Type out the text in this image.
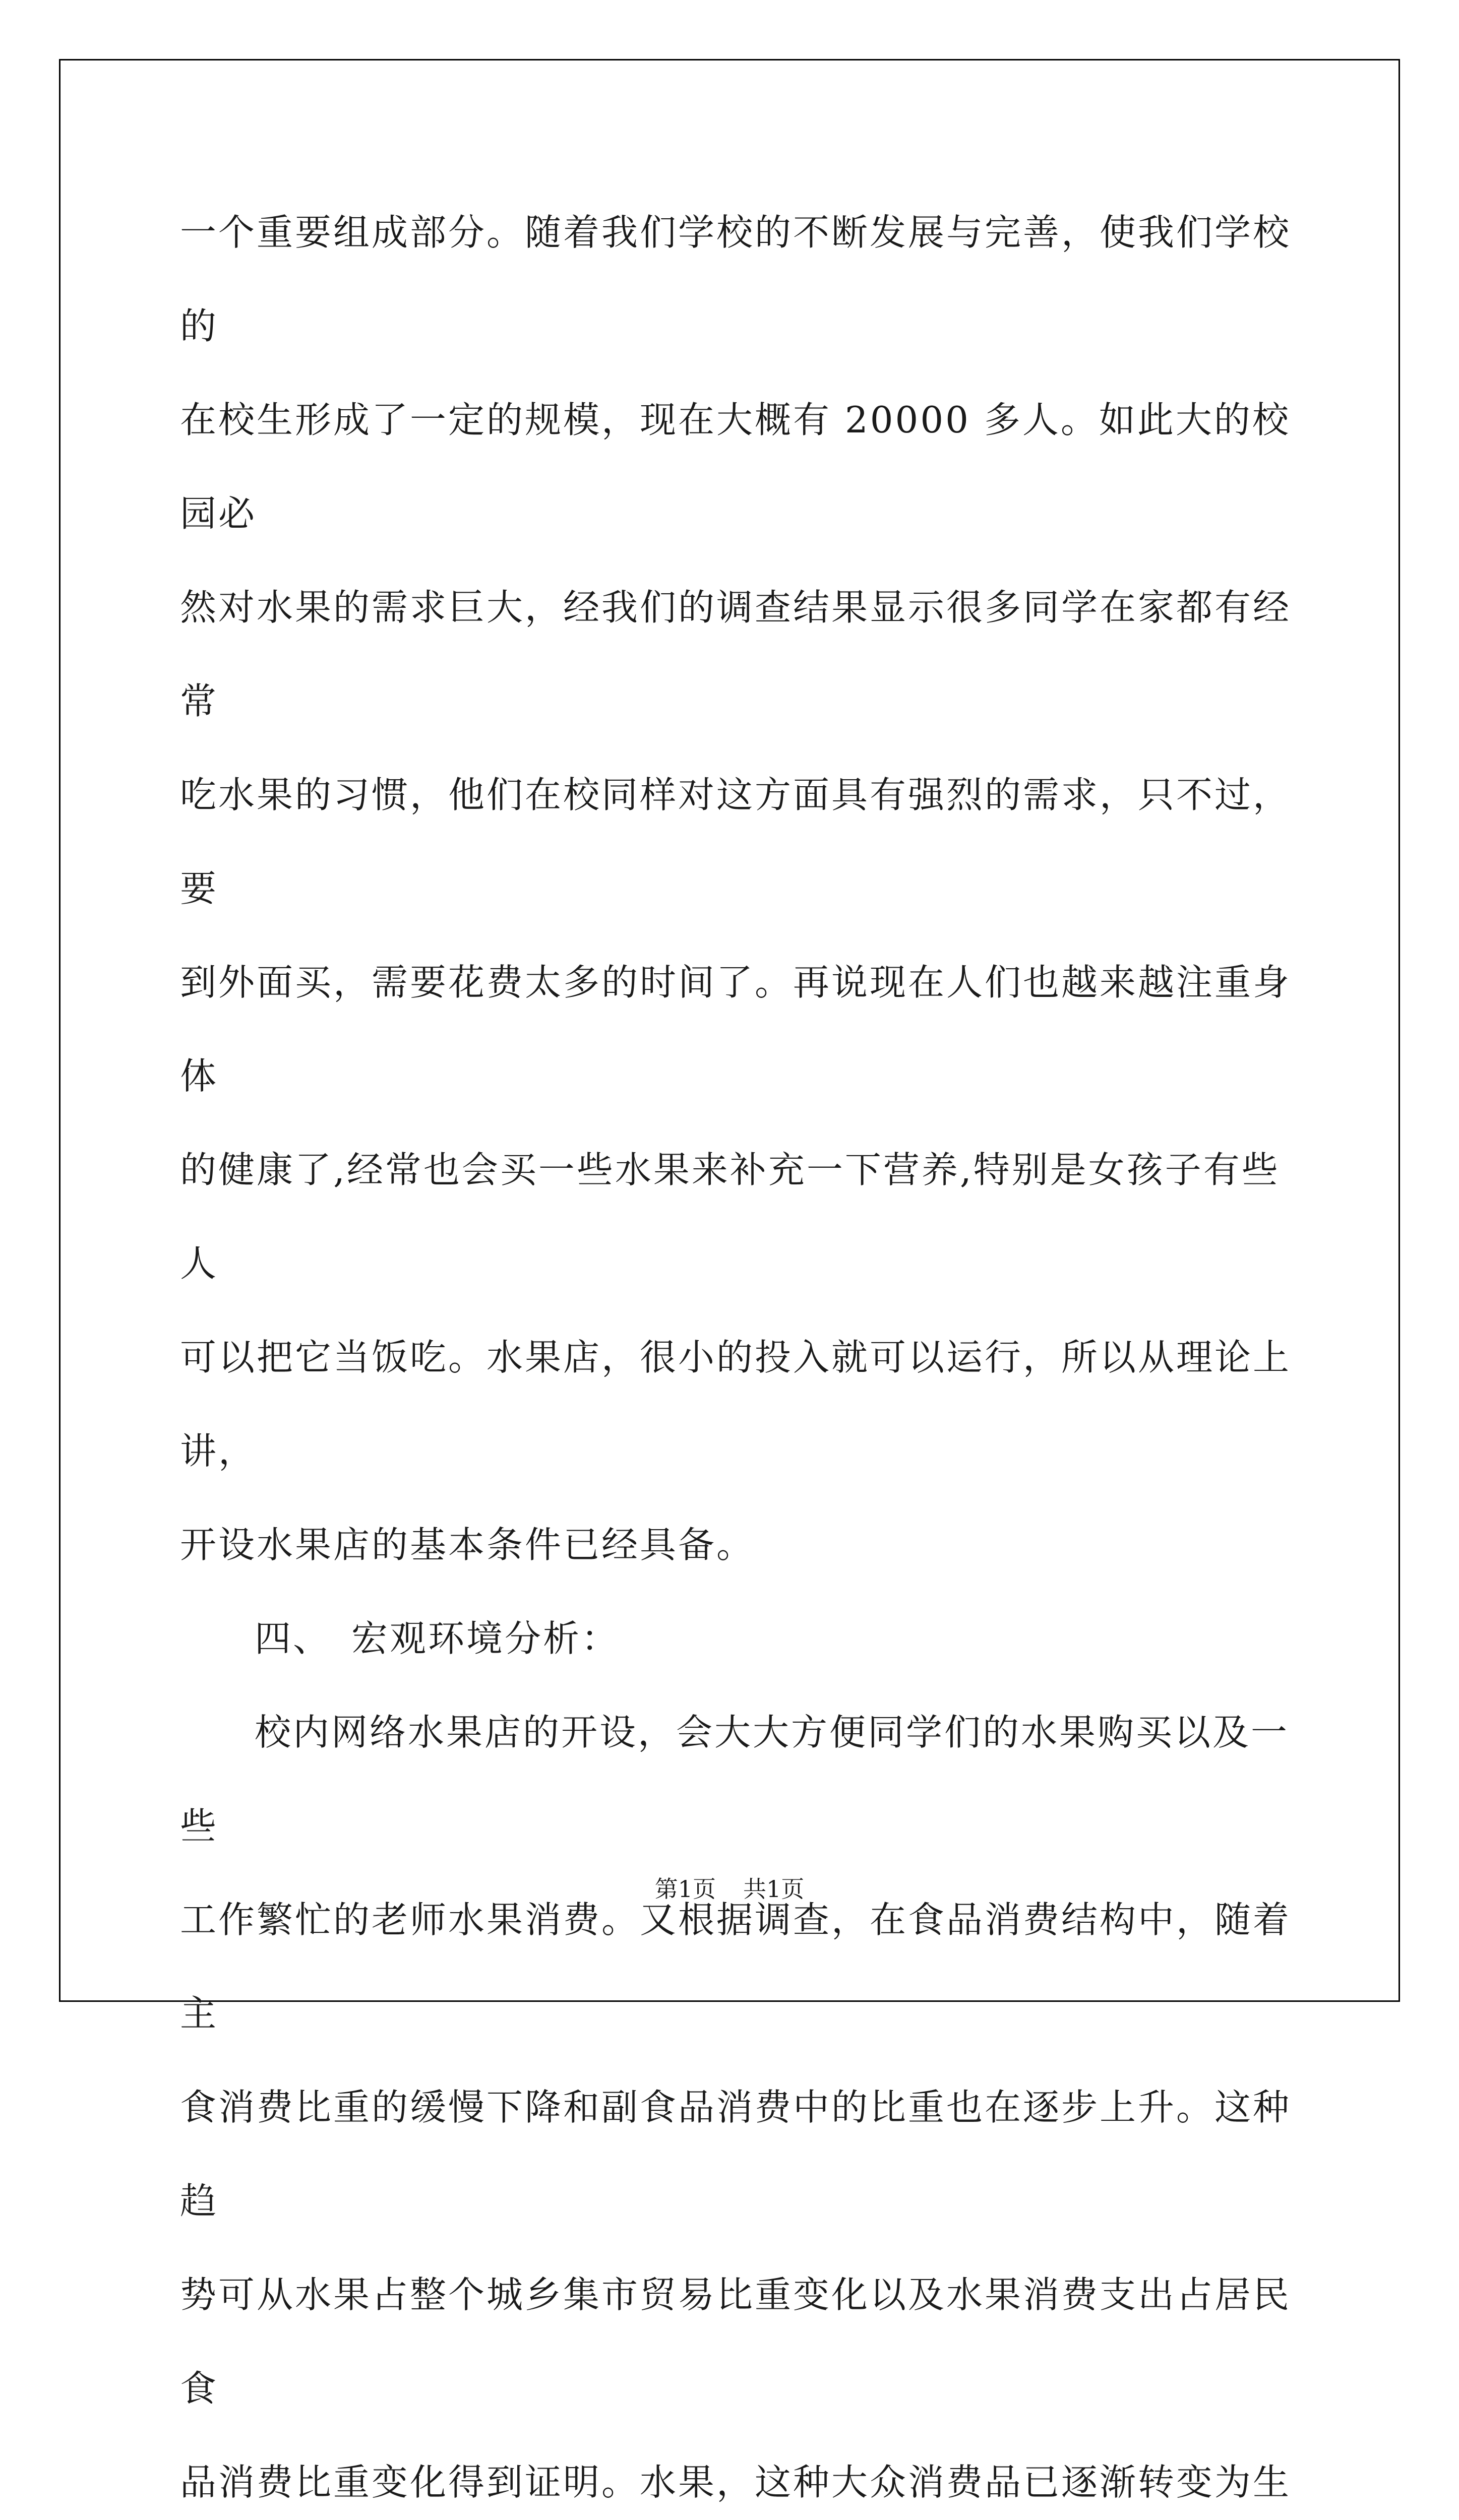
一个重要组成部分。随着我们学校的不断发展与完善，使我们学校的
在校生形成了一定的规模，现在大概有 20000 多人。如此大的校园必
然对水果的需求巨大，经我们的调查结果显示很多同学在家都有经常
吃水果的习惯，他们在校同样对这方面具有强烈的需求，只不过，要
到外面买，需要花费太多的时间了。再说现在人们也越来越注重身体
的健康了,经常也会买一些水果来补充一下营养,特别是女孩子有些人
可以把它当饭吃。水果店，很小的投入就可以运行，所以从理论上讲，
开设水果店的基本条件已经具备。

四、 宏观环境分析：

校内网络水果店的开设，会大大方便同学们的水果购买以及一些
工作繁忙的老师水果消费。又根据调查，在食品消费结构中，随着主
食消费比重的缓慢下降和副食品消费中的比重也在逐步上升。这种趋
势可从水果占整个城乡集市贸易比重变化以及水果消费支出占居民食
品消费比重变化得到证明。水果，这种大众消费品已逐渐转变为生

第1页 共1页
